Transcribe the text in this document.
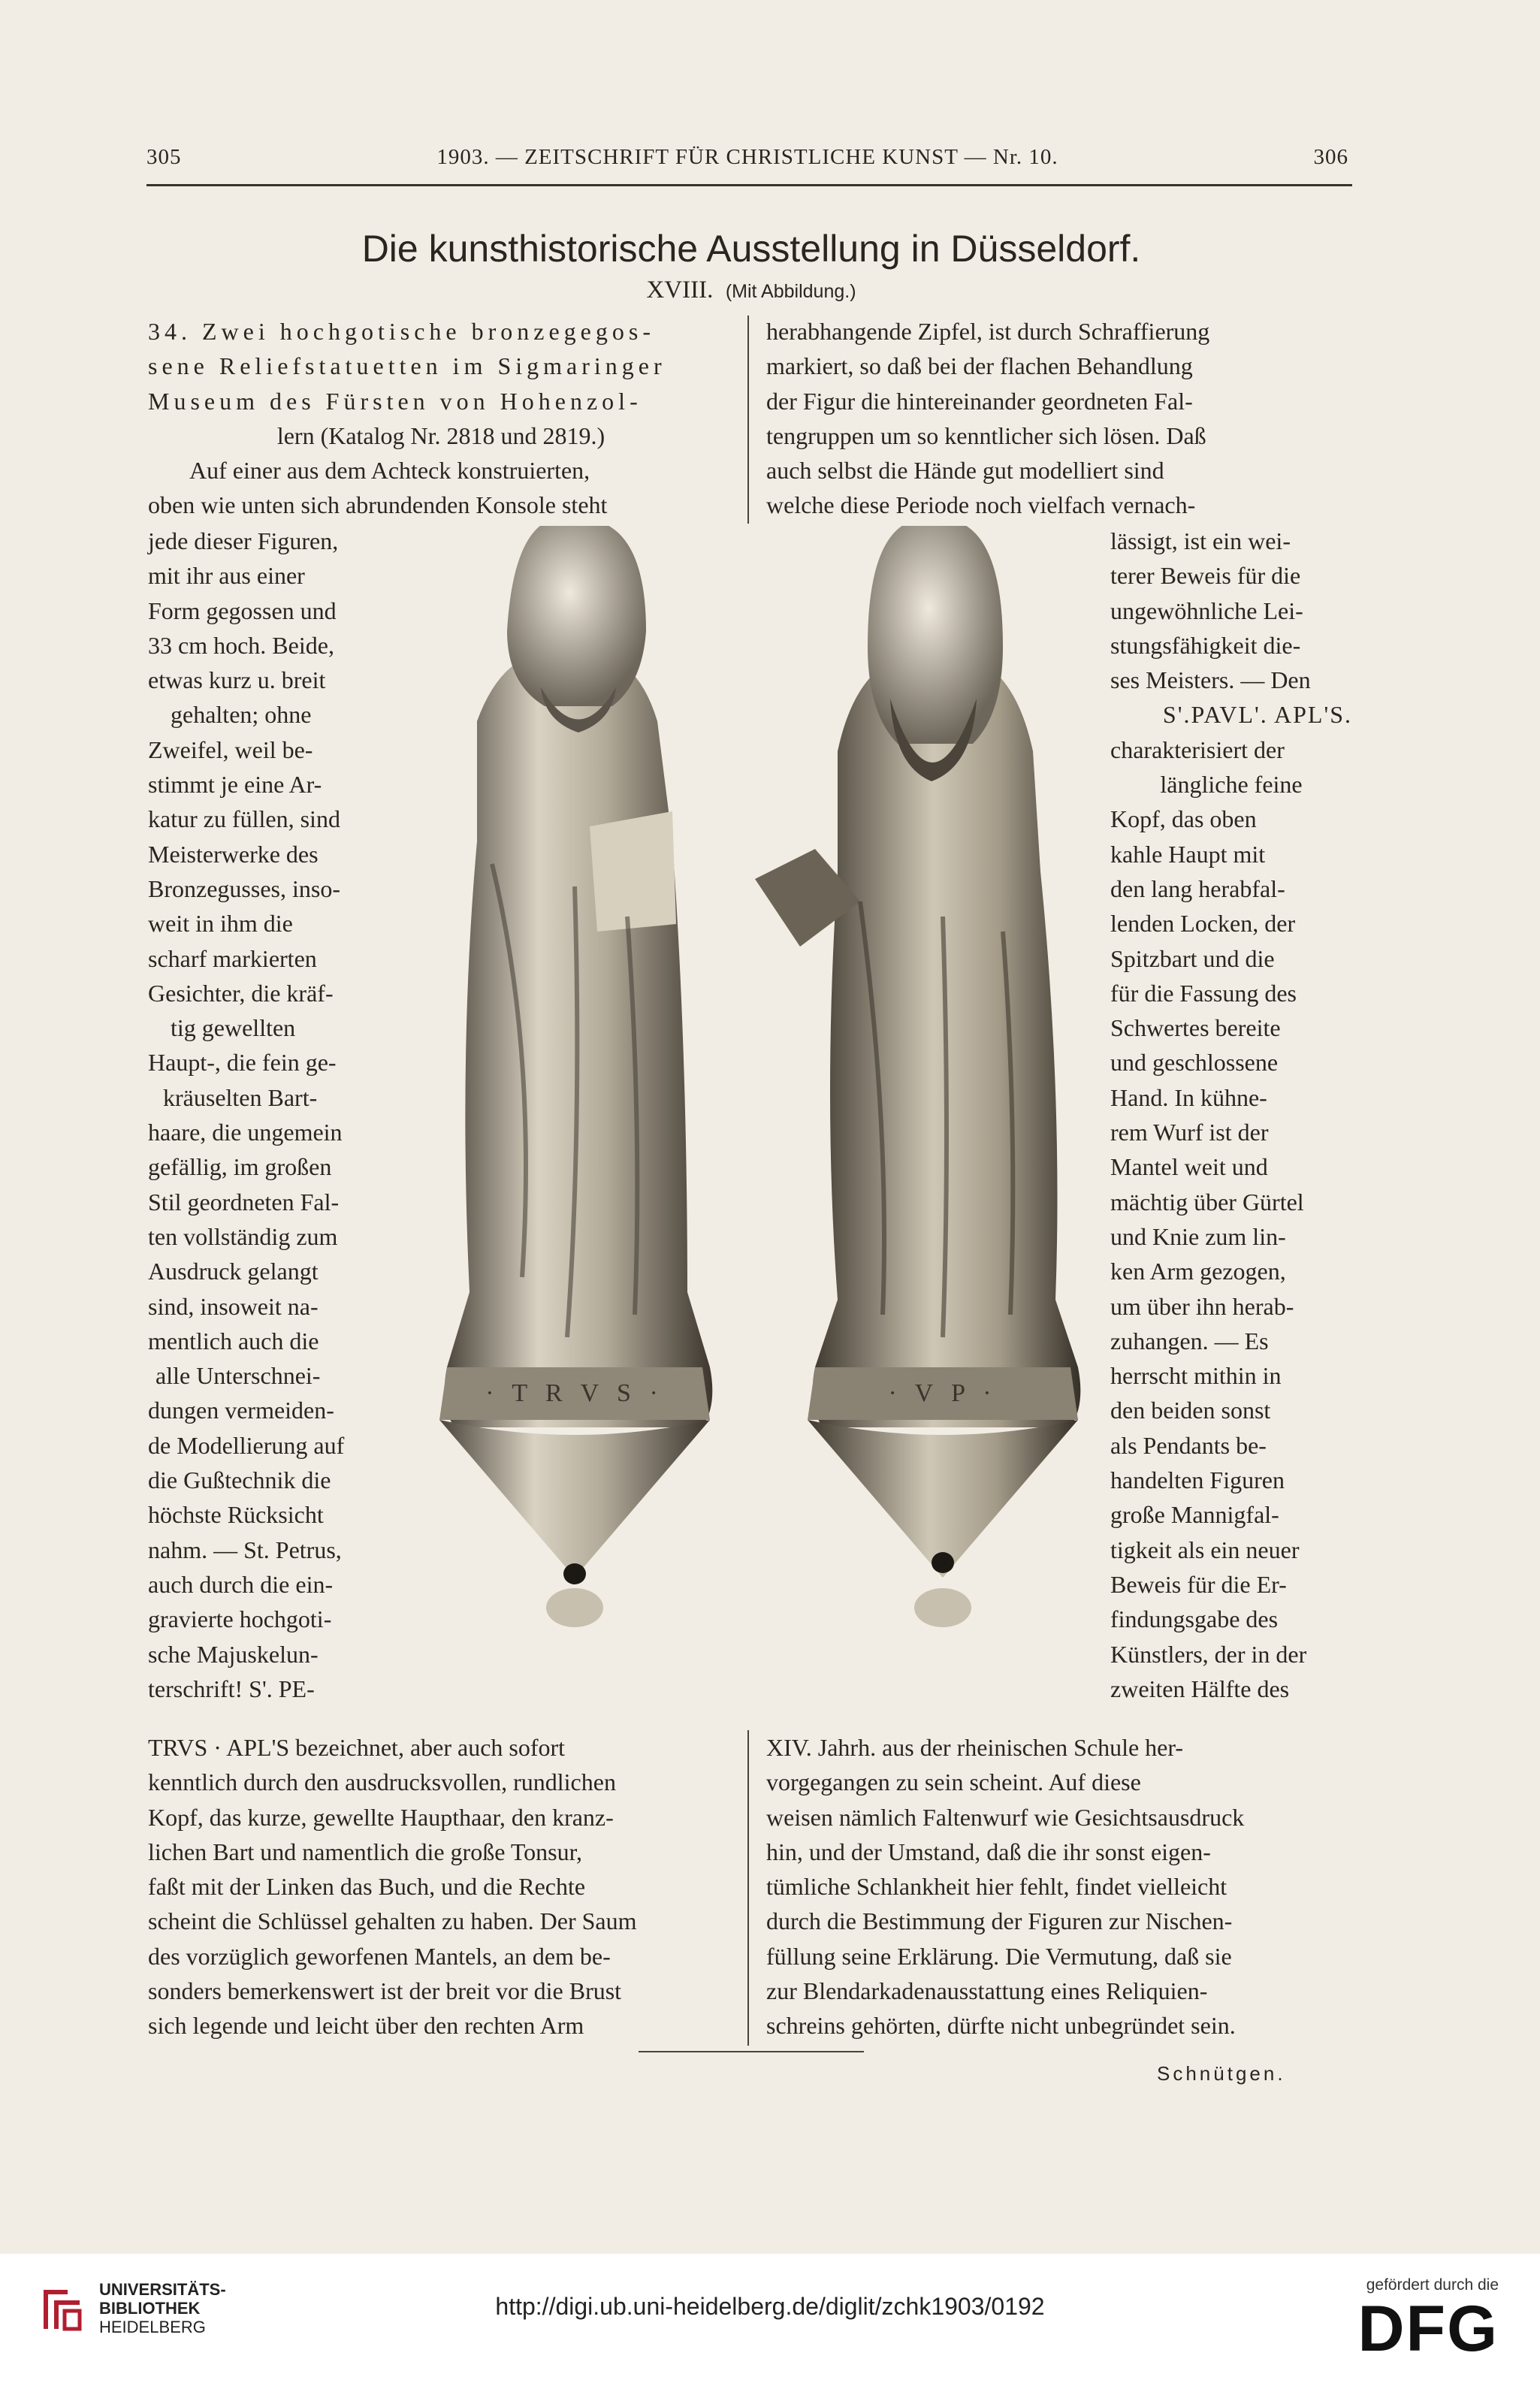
305	1903. — ZEITSCHRIFT FÜR CHRISTLICHE KUNST — Nr. 10.	306
Die kunsthistorische Ausstellung in Düsseldorf.
XVIII. (Mit Abbildung.)

34. Zwei hochgotische bronzegegos-

sene Reliefstatuetten im Sigmaringer

Museum des Fürsten von Hohenzol-

lern (Katalog Nr. 2818 und 2819.)

Auf einer aus dem Achteck konstruierten,

oben wie unten sich abrundenden Konsole steht

jede dieser Figuren,

mit ihr aus einer

Form gegossen und

33 cm hoch. Beide,

etwas kurz u. breit

gehalten; ohne

Zweifel, weil be-

stimmt je eine Ar-

katur zu füllen, sind

Meisterwerke des

Bronzegusses, inso-

weit in ihm die

scharf markierten

Gesichter, die kräf-

tig gewellten

Haupt-, die fein ge-

kräuselten Bart-

haare, die ungemein

gefällig, im großen

Stil geordneten Fal-

ten vollständig zum

Ausdruck gelangt

sind, insoweit na-

mentlich auch die

alle Unterschnei-

dungen vermeiden-

de Modellierung auf

die Gußtechnik die

höchste Rücksicht

nahm. — St. Petrus,

auch durch die ein-

gravierte hochgoti-

sche Majuskelun-

terschrift! S'. PE-

TRVS · APL'S bezeichnet, aber auch sofort

kenntlich durch den ausdrucksvollen, rundlichen

Kopf, das kurze, gewellte Haupthaar, den kranz-

lichen Bart und namentlich die große Tonsur,

faßt mit der Linken das Buch, und die Rechte

scheint die Schlüssel gehalten zu haben. Der Saum

des vorzüglich geworfenen Mantels, an dem be-

sonders bemerkenswert ist der breit vor die Brust

sich legende und leicht über den rechten Arm

herabhangende Zipfel, ist durch Schraffierung

markiert, so daß bei der flachen Behandlung

der Figur die hintereinander geordneten Fal-

tengruppen um so kenntlicher sich lösen. Daß

auch selbst die Hände gut modelliert sind

welche diese Periode noch vielfach vernach-

lässigt, ist ein wei-

terer Beweis für die

ungewöhnliche Lei-

stungsfähigkeit die-

ses Meisters. — Den

S'.PAVL'. APL'S.

charakterisiert der

längliche feine

Kopf, das oben

kahle Haupt mit

den lang herabfal-

lenden Locken, der

Spitzbart und die

für die Fassung des

Schwertes bereite

und geschlossene

Hand. In kühne-

rem Wurf ist der

Mantel weit und

mächtig über Gürtel

und Knie zum lin-

ken Arm gezogen,

um über ihn herab-

zuhangen. — Es

herrscht mithin in

den beiden sonst

als Pendants be-

handelten Figuren

große Mannigfal-

tigkeit als ein neuer

Beweis für die Er-

findungsgabe des

Künstlers, der in der

zweiten Hälfte des

XIV. Jahrh. aus der rheinischen Schule her-

vorgegangen zu sein scheint. Auf diese

weisen nämlich Faltenwurf wie Gesichtsausdruck

hin, und der Umstand, daß die ihr sonst eigen-

tümliche Schlankheit hier fehlt, findet vielleicht

durch die Bestimmung der Figuren zur Nischen-

füllung seine Erklärung. Die Vermutung, daß sie

zur Blendarkadenausstattung eines Reliquien-

schreins gehörten, dürfte nicht unbegründet sein.

Schnütgen.
· T R V S ·	· V P ·
UNIVERSITÄTS-
BIBLIOTHEK
HEIDELBERG
http://digi.ub.uni-heidelberg.de/diglit/zchk1903/0192
gefördert durch die
DFG
